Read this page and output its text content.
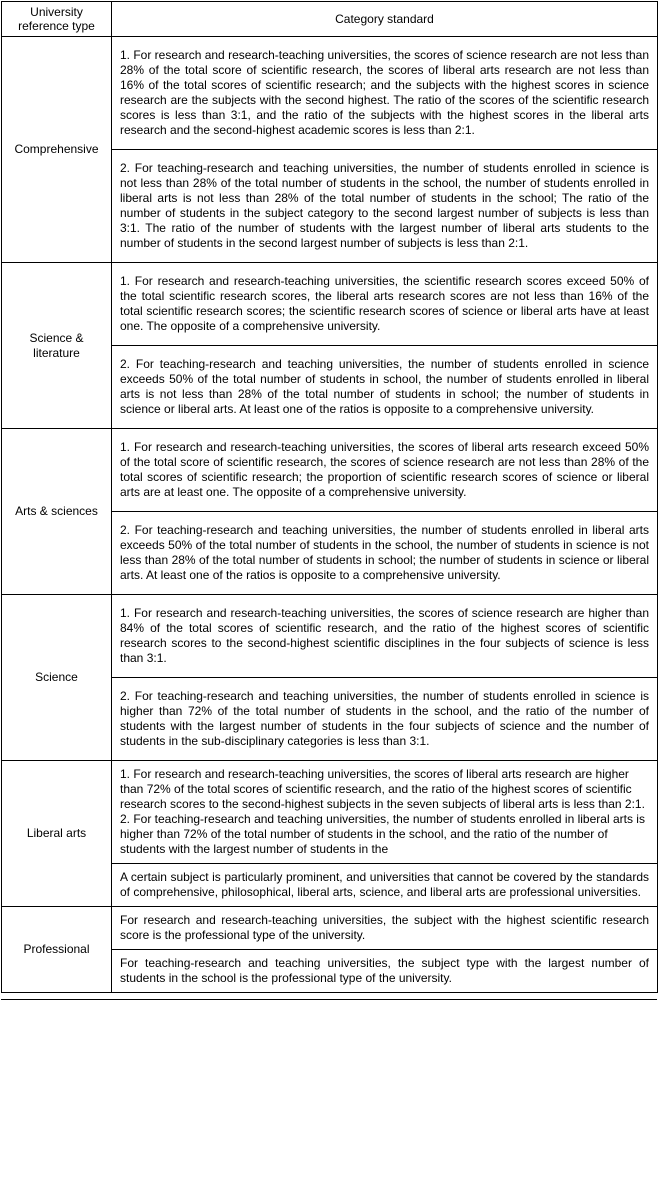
University reference type	Category standard
Comprehensive	1. For research and research-teaching universities, the scores of science research are not less than 28% of the total score of scientific research, the scores of liberal arts research are not less than 16% of the total scores of scientific research; and the subjects with the highest scores in science research are the subjects with the second highest. The ratio of the scores of the scientific research scores is less than 3:1, and the ratio of the subjects with the highest scores in the liberal arts research and the second-highest academic scores is less than 2:1.
	2. For teaching-research and teaching universities, the number of students enrolled in science is not less than 28% of the total number of students in the school, the number of students enrolled in liberal arts is not less than 28% of the total number of students in the school; The ratio of the number of students in the subject category to the second largest number of subjects is less than 3:1. The ratio of the number of students with the largest number of liberal arts students to the number of students in the second largest number of subjects is less than 2:1.
Science & literature	1. For research and research-teaching universities, the scientific research scores exceed 50% of the total scientific research scores, the liberal arts research scores are not less than 16% of the total scientific research scores; the scientific research scores of science or liberal arts have at least one. The opposite of a comprehensive university.
	2. For teaching-research and teaching universities, the number of students enrolled in science exceeds 50% of the total number of students in school, the number of students enrolled in liberal arts is not less than 28% of the total number of students in school; the number of students in science or liberal arts. At least one of the ratios is opposite to a comprehensive university.
Arts & sciences	1. For research and research-teaching universities, the scores of liberal arts research exceed 50% of the total score of scientific research, the scores of science research are not less than 28% of the total scores of scientific research; the proportion of scientific research scores of science or liberal arts are at least one. The opposite of a comprehensive university.
	2. For teaching-research and teaching universities, the number of students enrolled in liberal arts exceeds 50% of the total number of students in the school, the number of students in science is not less than 28% of the total number of students in school; the number of students in science or liberal arts. At least one of the ratios is opposite to a comprehensive university.
Science	1. For research and research-teaching universities, the scores of science research are higher than 84% of the total scores of scientific research, and the ratio of the highest scores of scientific research scores to the second-highest scientific disciplines in the four subjects of science is less than 3:1.
	2. For teaching-research and teaching universities, the number of students enrolled in science is higher than 72% of the total number of students in the school, and the ratio of the number of students with the largest number of students in the four subjects of science and the number of students in the sub-disciplinary categories is less than 3:1.
Liberal arts	1. For research and research-teaching universities, the scores of liberal arts research are higher than 72% of the total scores of scientific research, and the ratio of the highest scores of scientific research scores to the second-highest subjects in the seven subjects of liberal arts is less than 2:1. 2. For teaching-research and teaching universities, the number of students enrolled in liberal arts is higher than 72% of the total number of students in the school, and the ratio of the number of students with the largest number of students in the
	A certain subject is particularly prominent, and universities that cannot be covered by the standards of comprehensive, philosophical, liberal arts, science, and liberal arts are professional universities.
Professional	For research and research-teaching universities, the subject with the highest scientific research score is the professional type of the university.
	For teaching-research and teaching universities, the subject type with the largest number of students in the school is the professional type of the university.
